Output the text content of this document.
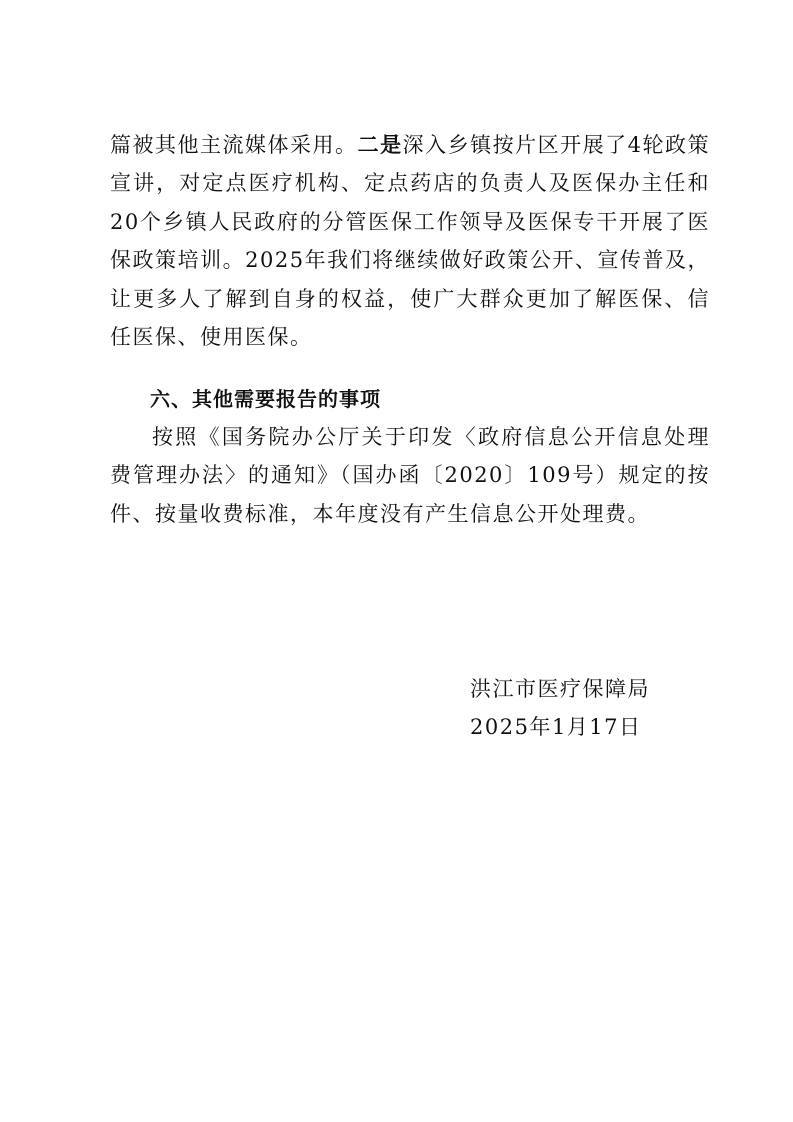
篇被其他主流媒体采用。二是深入乡镇按片区开展了4轮政策宣讲，对定点医疗机构、定点药店的负责人及医保办主任和20个乡镇人民政府的分管医保工作领导及医保专干开展了医保政策培训。2025年我们将继续做好政策公开、宣传普及，让更多人了解到自身的权益，使广大群众更加了解医保、信任医保、使用医保。

六、其他需要报告的事项

按照《国务院办公厅关于印发〈政府信息公开信息处理费管理办法〉的通知》（国办函〔2020〕109号）规定的按件、按量收费标准，本年度没有产生信息公开处理费。

洪江市医疗保障局
2025年1月17日
